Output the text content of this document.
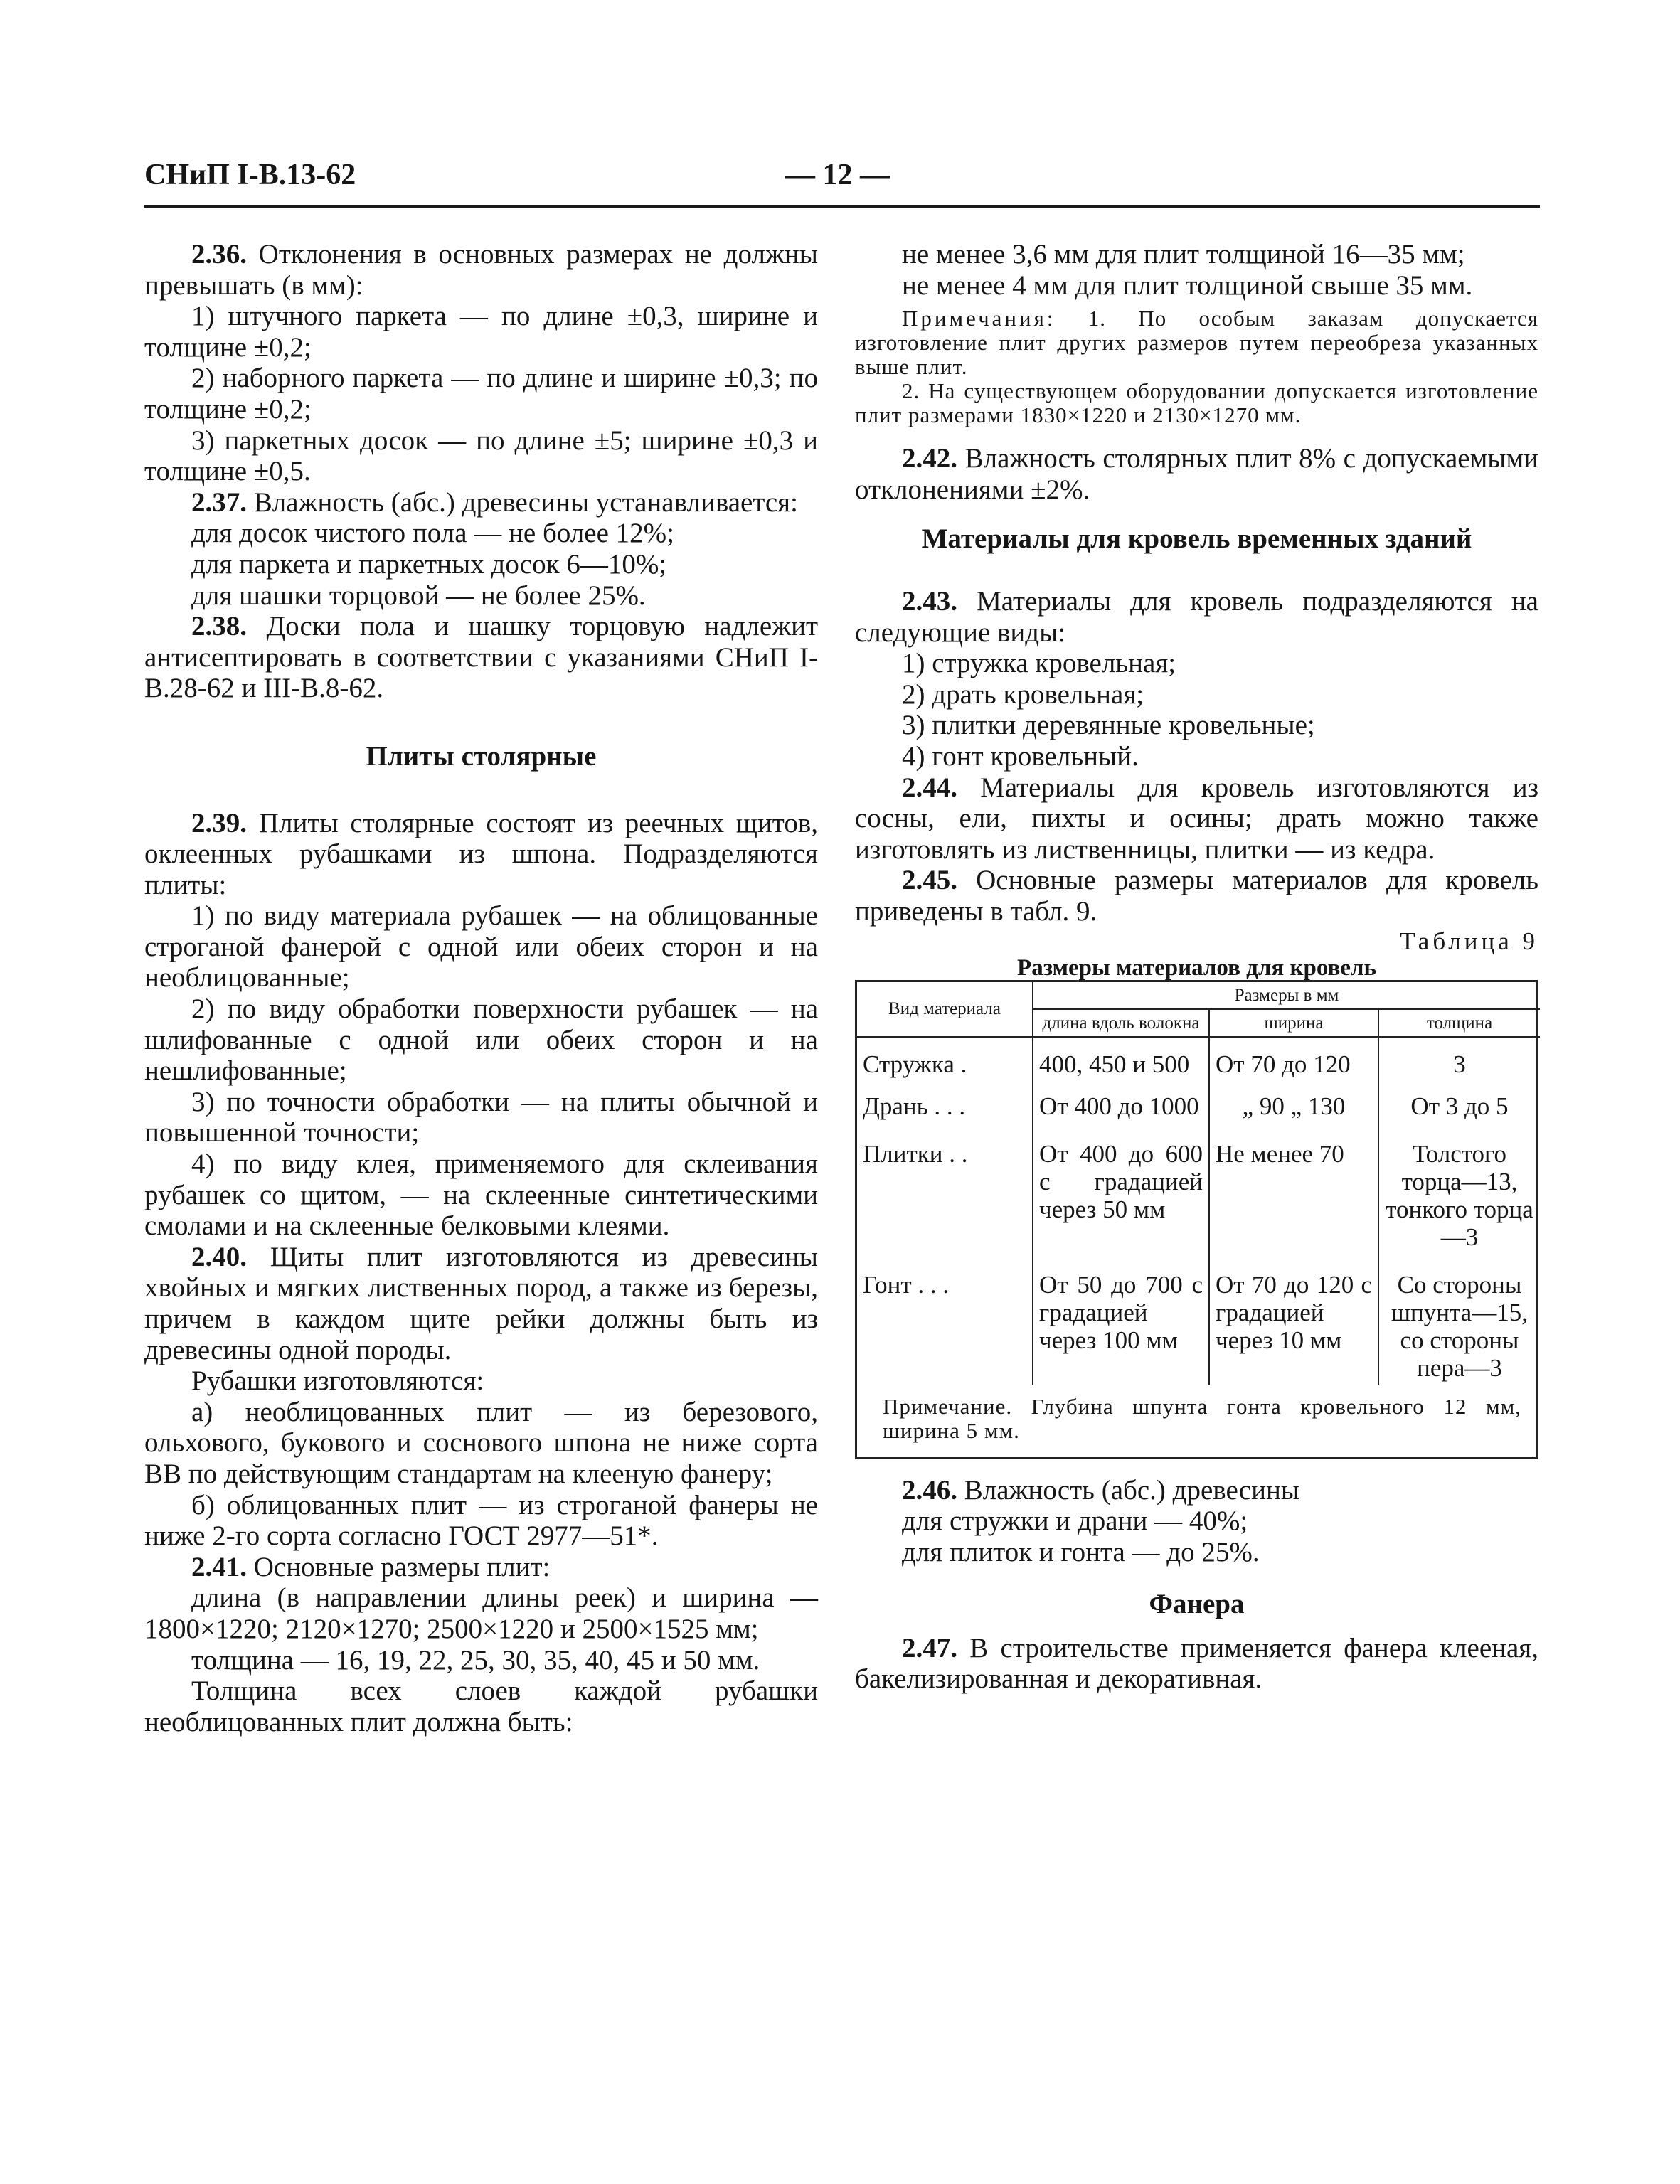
СНиП I-В.13-62	— 12 —

2.36. Отклонения в основных размерах не должны превышать (в мм):

1) штучного паркета — по длине ±0,3, ширине и толщине ±0,2;

2) наборного паркета — по длине и ширине ±0,3; по толщине ±0,2;

3) паркетных досок — по длине ±5; ширине ±0,3 и толщине ±0,5.

2.37. Влажность (абс.) древесины устанавливается:

для досок чистого пола — не более 12%;

для паркета и паркетных досок 6—10%;

для шашки торцовой — не более 25%.

2.38. Доски пола и шашку торцовую надлежит антисептировать в соответствии с указаниями СНиП I-В.28-62 и III-В.8-62.

Плиты столярные

2.39. Плиты столярные состоят из реечных щитов, оклеенных рубашками из шпона. Подразделяются плиты:

1) по виду материала рубашек — на облицованные строганой фанерой с одной или обеих сторон и на необлицованные;

2) по виду обработки поверхности рубашек — на шлифованные с одной или обеих сторон и на нешлифованные;

3) по точности обработки — на плиты обычной и повышенной точности;

4) по виду клея, применяемого для склеивания рубашек со щитом, — на склеенные синтетическими смолами и на склеенные белковыми клеями.

2.40. Щиты плит изготовляются из древесины хвойных и мягких лиственных пород, а также из березы, причем в каждом щите рейки должны быть из древесины одной породы.

Рубашки изготовляются:

а) необлицованных плит — из березового, ольхового, букового и соснового шпона не ниже сорта ВВ по действующим стандартам на клееную фанеру;

б) облицованных плит — из строганой фанеры не ниже 2-го сорта согласно ГОСТ 2977—51*.

2.41. Основные размеры плит:

длина (в направлении длины реек) и ширина — 1800×1220; 2120×1270; 2500×1220 и 2500×1525 мм;

толщина — 16, 19, 22, 25, 30, 35, 40, 45 и 50 мм.

Толщина всех слоев каждой рубашки необлицованных плит должна быть:

не менее 3,6 мм для плит толщиной 16—35 мм;

не менее 4 мм для плит толщиной свыше 35 мм.

Примечания: 1. По особым заказам допускается изготовление плит других размеров путем переобреза указанных выше плит.

2. На существующем оборудовании допускается изготовление плит размерами 1830×1220 и 2130×1270 мм.

2.42. Влажность столярных плит 8% с допускаемыми отклонениями ±2%.

Материалы для кровель временных зданий

2.43. Материалы для кровель подразделяются на следующие виды:

1) стружка кровельная;

2) драть кровельная;

3) плитки деревянные кровельные;

4) гонт кровельный.

2.44. Материалы для кровель изготовляются из сосны, ели, пихты и осины; драть можно также изготовлять из лиственницы, плитки — из кедра.

2.45. Основные размеры материалов для кровель приведены в табл. 9.

Таблица 9

Размеры материалов для кровель

Вид материала	Размеры в мм		
	длина вдоль волокна	ширина	толщина
Стружка .	400, 450 и 500	От 70 до 120	3
Дрань . . .	От 400 до 1000	„ 90 „ 130	От 3 до 5
Плитки . .	От 400 до 600 с градацией через 50 мм	Не менее 70	Толстого торца—13, тонкого торца—3
Гонт . . .	От 50 до 700 с градацией через 100 мм	От 70 до 120 с градацией через 10 мм	Со стороны шпунта—15, со стороны пера—3
Примечание. Глубина шпунта гонта кровельного 12 мм, ширина 5 мм.

2.46. Влажность (абс.) древесины

для стружки и драни — 40%;

для плиток и гонта — до 25%.

Фанера

2.47. В строительстве применяется фанера клееная, бакелизированная и декоративная.
